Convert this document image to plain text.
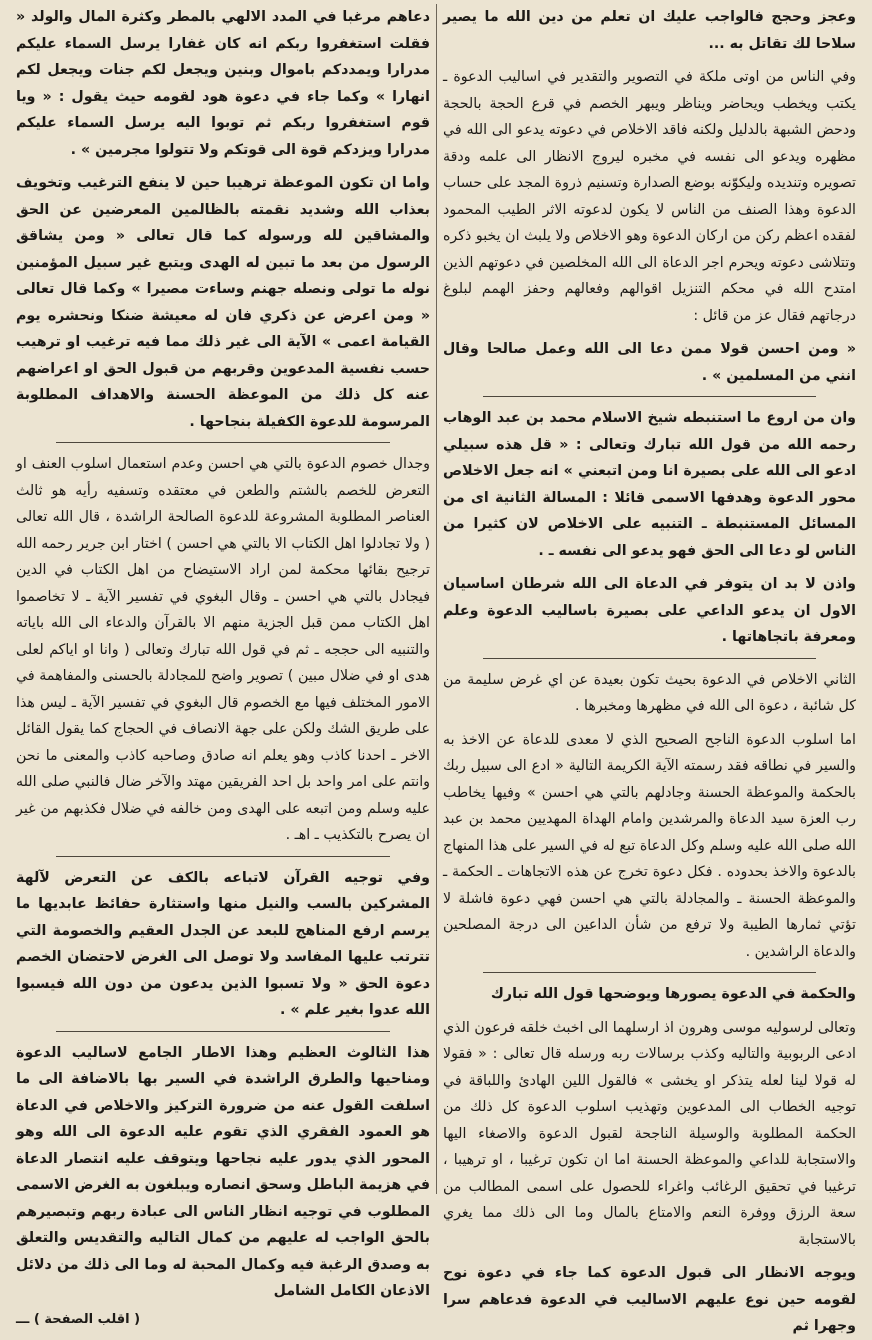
وعجز وحجج فالواجب عليك ان تعلم من دين الله ما يصير سلاحا لك تقاتل به ...

وفي الناس من اوتى ملكة في التصوير والتقدير في اساليب الدعوة ـ يكتب ويخطب ويحاضر ويناظر ويبهر الخصم في قرع الحجة بالحجة ودحض الشبهة بالدليل ولكنه فاقد الاخلاص في دعوته يدعو الى الله في مظهره ويدعو الى نفسه في مخبره ليروج الانظار الى علمه ودقة تصويره وتنديده وليكوّنه بوضع الصدارة وتسنيم ذروة المجد على حساب الدعوة وهذا الصنف من الناس لا يكون لدعوته الاثر الطيب المحمود لفقده اعظم ركن من اركان الدعوة وهو الاخلاص ولا يلبث ان يخبو ذكره وتتلاشى دعوته ويحرم اجر الدعاة الى الله المخلصين في دعوتهم الذين امتدح الله في محكم التنزيل اقوالهم وفعالهم وحفز الهمم لبلوغ درجاتهم فقال عز من قائل :

« ومن احسن قولا ممن دعا الى الله وعمل صالحا وقال انني من المسلمين » .

وان من اروع ما استنبطه شيخ الاسلام محمد بن عبد الوهاب رحمه الله من قول الله تبارك وتعالى : « قل هذه سبيلي ادعو الى الله على بصيرة انا ومن اتبعني » انه جعل الاخلاص محور الدعوة وهدفها الاسمى قائلا : المسالة الثانية اى من المسائل المستنبطة ـ التنبيه على الاخلاص لان كثيرا من الناس لو دعا الى الحق فهو يدعو الى نفسه ـ .

واذن لا بد ان يتوفر في الدعاة الى الله شرطان اساسيان الاول ان يدعو الداعي على بصيرة باساليب الدعوة وعلم ومعرفة باتجاهاتها .

الثاني الاخلاص في الدعوة بحيث تكون بعيدة عن اي غرض سليمة من كل شائبة ، دعوة الى الله في مظهرها ومخبرها .

اما اسلوب الدعوة الناجح الصحيح الذي لا معدى للدعاة عن الاخذ به والسير في نطاقه فقد رسمته الآية الكريمة التالية « ادع الى سبيل ربك بالحكمة والموعظة الحسنة وجادلهم بالتي هي احسن » وفيها يخاطب رب العزة سيد الدعاة والمرشدين وامام الهداة المهديين محمد بن عبد الله صلى الله عليه وسلم وكل الدعاة تبع له في السير على هذا المنهاج بالدعوة والاخذ بحدوده . فكل دعوة تخرج عن هذه الاتجاهات ـ الحكمة ـ والموعظة الحسنة ـ والمجادلة بالتي هي احسن فهي دعوة فاشلة لا تؤتي ثمارها الطيبة ولا ترفع من شأن الداعين الى درجة المصلحين والدعاة الراشدين .

والحكمة في الدعوة يصورها ويوضحها قول الله تبارك

وتعالى لرسوليه موسى وهرون اذ ارسلهما الى اخبث خلقه فرعون الذي ادعى الربوبية والتاليه وكذب برسالات ربه ورسله قال تعالى : « فقولا له قولا لينا لعله يتذكر او يخشى » فالقول اللين الهادئ واللباقة في توجيه الخطاب الى المدعوين وتهذيب اسلوب الدعوة كل ذلك من الحكمة المطلوبة والوسيلة الناجحة لقبول الدعوة والاصغاء اليها والاستجابة للداعي والموعظة الحسنة اما ان تكون ترغيبا ، او ترهيبا ، ترغيبا في تحقيق الرغائب واغراء للحصول على اسمى المطالب من سعة الرزق ووفرة النعم والامتاع بالمال وما الى ذلك مما يغري بالاستجابة

ويوجه الانظار الى قبول الدعوة كما جاء في دعوة نوح لقومه حين نوع عليهم الاساليب في الدعوة فدعاهم سرا وجهرا ثم

دعاهم مرغبا في المدد الالهي بالمطر وكثرة المال والولد « فقلت استغفروا ربكم انه كان غفارا يرسل السماء عليكم مدرارا ويمددكم باموال وبنين ويجعل لكم جنات ويجعل لكم انهارا » وكما جاء في دعوة هود لقومه حيث يقول : « ويا قوم استغفروا ربكم ثم توبوا اليه يرسل السماء عليكم مدرارا ويزدكم قوة الى قوتكم ولا تتولوا مجرمين » .

واما ان تكون الموعظة ترهيبا حين لا ينفع الترغيب وتخويف بعذاب الله وشديد نقمته بالظالمين المعرضين عن الحق والمشاقين لله ورسوله كما قال تعالى « ومن يشاقق الرسول من بعد ما تبين له الهدى ويتبع غير سبيل المؤمنين نوله ما تولى ونصله جهنم وساءت مصيرا » وكما قال تعالى « ومن اعرض عن ذكري فان له معيشة ضنكا ونحشره يوم القيامة اعمى » الآية الى غير ذلك مما فيه ترغيب او ترهيب حسب نفسية المدعوين وقربهم من قبول الحق او اعراضهم عنه كل ذلك من الموعظة الحسنة والاهداف المطلوبة المرسومة للدعوة الكفيلة بنجاحها .

وجدال خصوم الدعوة بالتي هي احسن وعدم استعمال اسلوب العنف او التعرض للخصم بالشتم والطعن في معتقده وتسفيه رأيه هو ثالث العناصر المطلوبة المشروعة للدعوة الصالحة الراشدة ، قال الله تعالى ( ولا تجادلوا اهل الكتاب الا بالتي هي احسن ) اختار ابن جرير رحمه الله ترجيح بقائها محكمة لمن اراد الاستيضاح من اهل الكتاب في الدين فيجادل بالتي هي احسن ـ وقال البغوي في تفسير الآية ـ لا تخاصموا اهل الكتاب ممن قبل الجزية منهم الا بالقرآن والدعاء الى الله باياته والتنبيه الى حججه ـ ثم في قول الله تبارك وتعالى ( وانا او اياكم لعلى هدى او في ضلال مبين ) تصوير واضح للمجادلة بالحسنى والمفاهمة في الامور المختلف فيها مع الخصوم قال البغوي في تفسير الآية ـ ليس هذا على طريق الشك ولكن على جهة الانصاف في الحجاج كما يقول القائل الاخر ـ احدنا كاذب وهو يعلم انه صادق وصاحبه كاذب والمعنى ما نحن وانتم على امر واحد بل احد الفريقين مهتد والآخر ضال فالنبي صلى الله عليه وسلم ومن اتبعه على الهدى ومن خالفه في ضلال فكذبهم من غير ان يصرح بالتكذيب ـ اهـ .

وفي توجيه القرآن لاتباعه بالكف عن التعرض لآلهة المشركين بالسب والنيل منها واستثارة حفائظ عابديها ما يرسم ارفع المناهج للبعد عن الجدل العقيم والخصومة التي تترتب عليها المفاسد ولا توصل الى الغرض لاحتضان الخصم دعوة الحق « ولا تسبوا الذين يدعون من دون الله فيسبوا الله عدوا بغير علم » .

هذا الثالوث العظيم وهذا الاطار الجامع لاساليب الدعوة ومناحيها والطرق الراشدة في السير بها بالاضافة الى ما اسلفت القول عنه من ضرورة التركيز والاخلاص في الدعاة هو العمود الفقري الذي تقوم عليه الدعوة الى الله وهو المحور الذي يدور عليه نجاحها ويتوقف عليه انتصار الدعاة في هزيمة الباطل وسحق انصاره ويبلغون به الغرض الاسمى المطلوب في توجيه انظار الناس الى عبادة ربهم وتبصيرهم بالحق الواجب له عليهم من كمال التاليه والتقديس والتعلق به وصدق الرغبة فيه وكمال المحبة له وما الى ذلك من دلائل الاذعان الكامل الشامل

( اقلب الصفحة ) ـــ
